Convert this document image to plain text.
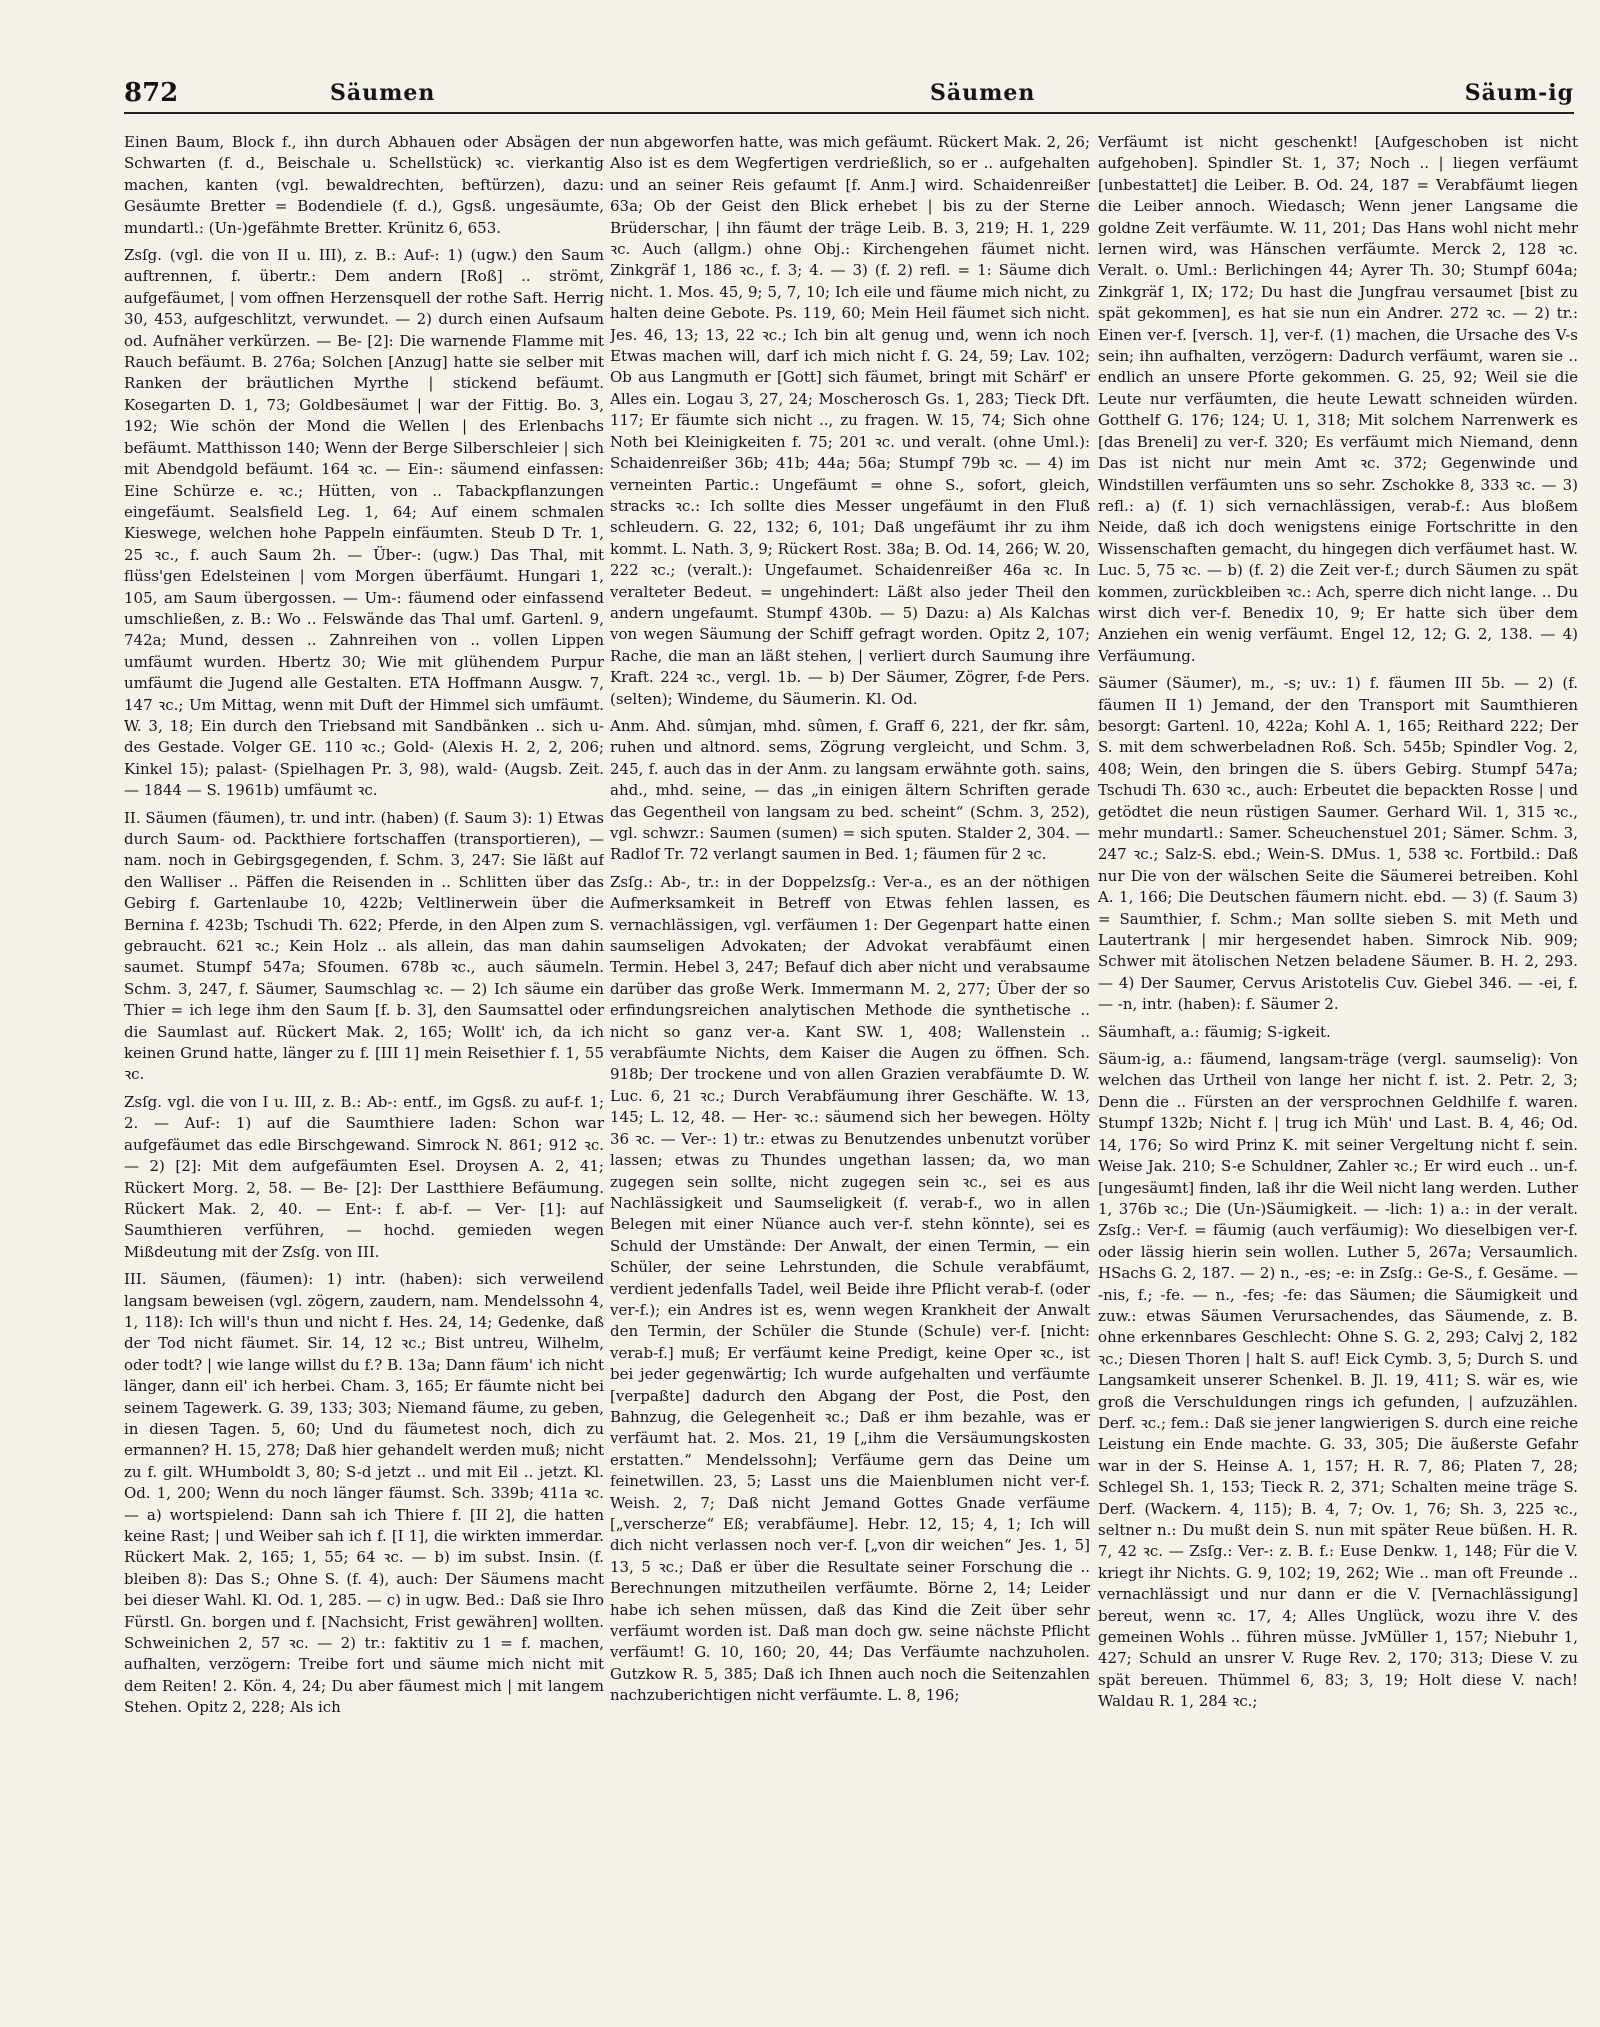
872	Säumen	Säumen	Säum-ig

Einen Baum, Block f., ihn durch Abhauen oder Absägen der Schwarten (f. d., Beischale u. Schellstück) ꝛc. vierkantig machen, kanten (vgl. bewaldrechten, beftürzen), dazu: Gesäumte Bretter = Bodendiele (f. d.), Ggsß. ungesäumte, mundartl.: (Un-)gefähmte Bretter. Krünitz 6, 653.

Zsſg. (vgl. die von II u. III), z. B.: Auf-: 1) (ugw.) den Saum auftrennen, f. übertr.: Dem andern [Roß] .. strömt, aufgefäumet, | vom offnen Herzensquell der rothe Saft. Herrig 30, 453, aufgeschlitzt, verwundet. — 2) durch einen Aufsaum od. Aufnäher verkürzen. — Be- [2]: Die warnende Flamme mit Rauch befäumt. B. 276a; Solchen [Anzug] hatte sie selber mit Ranken der bräutlichen Myrthe | stickend befäumt. Kosegarten D. 1, 73; Goldbesäumet | war der Fittig. Bo. 3, 192; Wie schön der Mond die Wellen | des Erlenbachs befäumt. Matthisson 140; Wenn der Berge Silberschleier | sich mit Abendgold befäumt. 164 ꝛc. — Ein-: säumend einfassen: Eine Schürze e. ꝛc.; Hütten, von .. Tabackpflanzungen eingefäumt. Sealsfield Leg. 1, 64; Auf einem schmalen Kieswege, welchen hohe Pappeln einfäumten. Steub D Tr. 1, 25 ꝛc., f. auch Saum 2h. — Über-: (ugw.) Das Thal, mit flüss'gen Edelsteinen | vom Morgen überfäumt. Hungari 1, 105, am Saum übergossen. — Um-: fäumend oder einfassend umschließen, z. B.: Wo .. Felswände das Thal umf. Gartenl. 9, 742a; Mund, dessen .. Zahnreihen von .. vollen Lippen umfäumt wurden. Hbertz 30; Wie mit glühendem Purpur umfäumt die Jugend alle Gestalten. ETA Hoffmann Ausgw. 7, 147 ꝛc.; Um Mittag, wenn mit Duft der Himmel sich umfäumt. W. 3, 18; Ein durch den Triebsand mit Sandbänken .. sich u-des Gestade. Volger GE. 110 ꝛc.; Gold- (Alexis H. 2, 2, 206; Kinkel 15); palast- (Spielhagen Pr. 3, 98), wald- (Augsb. Zeit. — 1844 — S. 1961b) umfäumt ꝛc.

II. Säumen (fäumen), tr. und intr. (haben) (f. Saum 3): 1) Etwas durch Saum- od. Packthiere fortschaffen (transportieren), — nam. noch in Gebirgsgegenden, f. Schm. 3, 247: Sie läßt auf den Walliser .. Päffen die Reisenden in .. Schlitten über das Gebirg f. Gartenlaube 10, 422b; Veltlinerwein über die Bernina f. 423b; Tschudi Th. 622; Pferde, in den Alpen zum S. gebraucht. 621 ꝛc.; Kein Holz .. als allein, das man dahin saumet. Stumpf 547a; Sfoumen. 678b ꝛc., auch säumeln. Schm. 3, 247, f. Säumer, Saumschlag ꝛc. — 2) Ich säume ein Thier = ich lege ihm den Saum [f. b. 3], den Saumsattel oder die Saumlast auf. Rückert Mak. 2, 165; Wollt' ich, da ich keinen Grund hatte, länger zu f. [III 1] mein Reisethier f. 1, 55 ꝛc.

Zsſg. vgl. die von I u. III, z. B.: Ab-: entf., im Ggsß. zu auf-f. 1; 2. — Auf-: 1) auf die Saumthiere laden: Schon war aufgefäumet das edle Birschgewand. Simrock N. 861; 912 ꝛc. — 2) [2]: Mit dem aufgefäumten Esel. Droysen A. 2, 41; Rückert Morg. 2, 58. — Be- [2]: Der Lastthiere Befäumung. Rückert Mak. 2, 40. — Ent-: f. ab-f. — Ver- [1]: auf Saumthieren verführen, — hochd. gemieden wegen Mißdeutung mit der Zsſg. von III.

III. Säumen, (fäumen): 1) intr. (haben): sich verweilend langsam beweisen (vgl. zögern, zaudern, nam. Mendelssohn 4, 1, 118): Ich will's thun und nicht f. Hes. 24, 14; Gedenke, daß der Tod nicht fäumet. Sir. 14, 12 ꝛc.; Bist untreu, Wilhelm, oder todt? | wie lange willst du f.? B. 13a; Dann fäum' ich nicht länger, dann eil' ich herbei. Cham. 3, 165; Er fäumte nicht bei seinem Tagewerk. G. 39, 133; 303; Niemand fäume, zu geben, in diesen Tagen. 5, 60; Und du fäumetest noch, dich zu ermannen? H. 15, 278; Daß hier gehandelt werden muß; nicht zu f. gilt. WHumboldt 3, 80; S-d jetzt .. und mit Eil .. jetzt. Kl. Od. 1, 200; Wenn du noch länger fäumst. Sch. 339b; 411a ꝛc. — a) wortspielend: Dann sah ich Thiere f. [II 2], die hatten keine Rast; | und Weiber sah ich f. [I 1], die wirkten immerdar. Rückert Mak. 2, 165; 1, 55; 64 ꝛc. — b) im subst. Insin. (f. bleiben 8): Das S.; Ohne S. (f. 4), auch: Der Säumens macht bei dieser Wahl. Kl. Od. 1, 285. — c) in ugw. Bed.: Daß sie Ihro Fürstl. Gn. borgen und f. [Nachsicht, Frist gewähren] wollten. Schweinichen 2, 57 ꝛc. — 2) tr.: faktitiv zu 1 = f. machen, aufhalten, verzögern: Treibe fort und säume mich nicht mit dem Reiten! 2. Kön. 4, 24; Du aber fäumest mich | mit langem Stehen. Opitz 2, 228; Als ich

nun abgeworfen hatte, was mich gefäumt. Rückert Mak. 2, 26; Also ist es dem Wegfertigen verdrießlich, so er .. aufgehalten und an seiner Reis gefaumt [f. Anm.] wird. Schaidenreißer 63a; Ob der Geist den Blick erhebet | bis zu der Sterne Brüderschar, | ihn fäumt der träge Leib. B. 3, 219; H. 1, 229 ꝛc. Auch (allgm.) ohne Obj.: Kirchengehen fäumet nicht. Zinkgräf 1, 186 ꝛc., f. 3; 4. — 3) (f. 2) refl. = 1: Säume dich nicht. 1. Mos. 45, 9; 5, 7, 10; Ich eile und fäume mich nicht, zu halten deine Gebote. Ps. 119, 60; Mein Heil fäumet sich nicht. Jes. 46, 13; 13, 22 ꝛc.; Ich bin alt genug und, wenn ich noch Etwas machen will, darf ich mich nicht f. G. 24, 59; Lav. 102; Ob aus Langmuth er [Gott] sich fäumet, bringt mit Schärf' er Alles ein. Logau 3, 27, 24; Moscherosch Gs. 1, 283; Tieck Dft. 117; Er fäumte sich nicht .., zu fragen. W. 15, 74; Sich ohne Noth bei Kleinigkeiten f. 75; 201 ꝛc. und veralt. (ohne Uml.): Schaidenreißer 36b; 41b; 44a; 56a; Stumpf 79b ꝛc. — 4) im verneinten Partic.: Ungefäumt = ohne S., sofort, gleich, stracks ꝛc.: Ich sollte dies Messer ungefäumt in den Fluß schleudern. G. 22, 132; 6, 101; Daß ungefäumt ihr zu ihm kommt. L. Nath. 3, 9; Rückert Rost. 38a; B. Od. 14, 266; W. 20, 222 ꝛc.; (veralt.): Ungefaumet. Schaidenreißer 46a ꝛc. In veralteter Bedeut. = ungehindert: Läßt also jeder Theil den andern ungefaumt. Stumpf 430b. — 5) Dazu: a) Als Kalchas von wegen Säumung der Schiff gefragt worden. Opitz 2, 107; Rache, die man an läßt stehen, | verliert durch Saumung ihre Kraft. 224 ꝛc., vergl. 1b. — b) Der Säumer, Zögrer, f-de Pers. (selten); Windeme, du Säumerin. Kl. Od.

Anm. Ahd. sûmjan, mhd. sûmen, f. Graff 6, 221, der fkr. sâm, ruhen und altnord. sems, Zögrung vergleicht, und Schm. 3, 245, f. auch das in der Anm. zu langsam erwähnte goth. sains, ahd., mhd. seine, — das „in einigen ältern Schriften gerade das Gegentheil von langsam zu bed. scheint“ (Schm. 3, 252), vgl. schwzr.: Saumen (sumen) = sich sputen. Stalder 2, 304. — Radlof Tr. 72 verlangt saumen in Bed. 1; fäumen für 2 ꝛc.

Zsſg.: Ab-, tr.: in der Doppelzsſg.: Ver-a., es an der nöthigen Aufmerksamkeit in Betreff von Etwas fehlen lassen, es vernachlässigen, vgl. verfäumen 1: Der Gegenpart hatte einen saumseligen Advokaten; der Advokat verabfäumt einen Termin. Hebel 3, 247; Befauf dich aber nicht und verabsaume darüber das große Werk. Immermann M. 2, 277; Über der so erfindungsreichen analytischen Methode die synthetische .. nicht so ganz ver-a. Kant SW. 1, 408; Wallenstein .. verabfäumte Nichts, dem Kaiser die Augen zu öffnen. Sch. 918b; Der trockene und von allen Grazien verabfäumte D. W. Luc. 6, 21 ꝛc.; Durch Verabfäumung ihrer Geschäfte. W. 13, 145; L. 12, 48. — Her- ꝛc.: säumend sich her bewegen. Hölty 36 ꝛc. — Ver-: 1) tr.: etwas zu Benutzendes unbenutzt vorüber lassen; etwas zu Thundes ungethan lassen; da, wo man zugegen sein sollte, nicht zugegen sein ꝛc., sei es aus Nachlässigkeit und Saumseligkeit (f. verab-f., wo in allen Belegen mit einer Nüance auch ver-f. stehn könnte), sei es Schuld der Umstände: Der Anwalt, der einen Termin, — ein Schüler, der seine Lehrstunden, die Schule verabfäumt, verdient jedenfalls Tadel, weil Beide ihre Pflicht verab-f. (oder ver-f.); ein Andres ist es, wenn wegen Krankheit der Anwalt den Termin, der Schüler die Stunde (Schule) ver-f. [nicht: verab-f.] muß; Er verfäumt keine Predigt, keine Oper ꝛc., ist bei jeder gegenwärtig; Ich wurde aufgehalten und verfäumte [verpaßte] dadurch den Abgang der Post, die Post, den Bahnzug, die Gelegenheit ꝛc.; Daß er ihm bezahle, was er verfäumt hat. 2. Mos. 21, 19 [„ihm die Versäumungskosten erstatten.“ Mendelssohn]; Verfäume gern das Deine um feinetwillen. 23, 5; Lasst uns die Maienblumen nicht ver-f. Weish. 2, 7; Daß nicht Jemand Gottes Gnade verfäume [„verscherze“ Eß; verabfäume]. Hebr. 12, 15; 4, 1; Ich will dich nicht verlassen noch ver-f. [„von dir weichen“ Jes. 1, 5] 13, 5 ꝛc.; Daß er über die Resultate seiner Forschung die .. Berechnungen mitzutheilen verfäumte. Börne 2, 14; Leider habe ich sehen müssen, daß das Kind die Zeit über sehr verfäumt worden ist. Daß man doch gw. seine nächste Pflicht verfäumt! G. 10, 160; 20, 44; Das Verfäumte nachzuholen. Gutzkow R. 5, 385; Daß ich Ihnen auch noch die Seitenzahlen nachzuberichtigen nicht verfäumte. L. 8, 196;

Verfäumt ist nicht geschenkt! [Aufgeschoben ist nicht aufgehoben]. Spindler St. 1, 37; Noch .. | liegen verfäumt [unbestattet] die Leiber. B. Od. 24, 187 = Verabfäumt liegen die Leiber annoch. Wiedasch; Wenn jener Langsame die goldne Zeit verfäumte. W. 11, 201; Das Hans wohl nicht mehr lernen wird, was Hänschen verfäumte. Merck 2, 128 ꝛc. Veralt. o. Uml.: Berlichingen 44; Ayrer Th. 30; Stumpf 604a; Zinkgräf 1, IX; 172; Du hast die Jungfrau versaumet [bist zu spät gekommen], es hat sie nun ein Andrer. 272 ꝛc. — 2) tr.: Einen ver-f. [versch. 1], ver-f. (1) machen, die Ursache des V-s sein; ihn aufhalten, verzögern: Dadurch verfäumt, waren sie .. endlich an unsere Pforte gekommen. G. 25, 92; Weil sie die Leute nur verfäumten, die heute Lewatt schneiden würden. Gotthelf G. 176; 124; U. 1, 318; Mit solchem Narrenwerk es [das Breneli] zu ver-f. 320; Es verfäumt mich Niemand, denn Das ist nicht nur mein Amt ꝛc. 372; Gegenwinde und Windstillen verfäumten uns so sehr. Zschokke 8, 333 ꝛc. — 3) refl.: a) (f. 1) sich vernachlässigen, verab-f.: Aus bloßem Neide, daß ich doch wenigstens einige Fortschritte in den Wissenschaften gemacht, du hingegen dich verfäumet hast. W. Luc. 5, 75 ꝛc. — b) (f. 2) die Zeit ver-f.; durch Säumen zu spät kommen, zurückbleiben ꝛc.: Ach, sperre dich nicht lange. .. Du wirst dich ver-f. Benedix 10, 9; Er hatte sich über dem Anziehen ein wenig verfäumt. Engel 12, 12; G. 2, 138. — 4) Verfäumung.

Säumer (Säumer), m., -s; uv.: 1) f. fäumen III 5b. — 2) (f. fäumen II 1) Jemand, der den Transport mit Saumthieren besorgt: Gartenl. 10, 422a; Kohl A. 1, 165; Reithard 222; Der S. mit dem schwerbeladnen Roß. Sch. 545b; Spindler Vog. 2, 408; Wein, den bringen die S. übers Gebirg. Stumpf 547a; Tschudi Th. 630 ꝛc., auch: Erbeutet die bepackten Rosse | und getödtet die neun rüstigen Saumer. Gerhard Wil. 1, 315 ꝛc., mehr mundartl.: Samer. Scheuchenstuel 201; Sämer. Schm. 3, 247 ꝛc.; Salz-S. ebd.; Wein-S. DMus. 1, 538 ꝛc. Fortbild.: Daß nur Die von der wälschen Seite die Säumerei betreiben. Kohl A. 1, 166; Die Deutschen fäumern nicht. ebd. — 3) (f. Saum 3) = Saumthier, f. Schm.; Man sollte sieben S. mit Meth und Lautertrank | mir hergesendet haben. Simrock Nib. 909; Schwer mit ätolischen Netzen beladene Säumer. B. H. 2, 293. — 4) Der Saumer, Cervus Aristotelis Cuv. Giebel 346. — -ei, f. — -n, intr. (haben): f. Säumer 2.

Säumhaft, a.: fäumig; S-igkeit.

Säum-ig, a.: fäumend, langsam-träge (vergl. saumselig): Von welchen das Urtheil von lange her nicht f. ist. 2. Petr. 2, 3; Denn die .. Fürsten an der versprochnen Geldhilfe f. waren. Stumpf 132b; Nicht f. | trug ich Müh' und Last. B. 4, 46; Od. 14, 176; So wird Prinz K. mit seiner Vergeltung nicht f. sein. Weise Jak. 210; S-e Schuldner, Zahler ꝛc.; Er wird euch .. un-f. [ungesäumt] finden, laß ihr die Weil nicht lang werden. Luther 1, 376b ꝛc.; Die (Un-)Säumigkeit. — -lich: 1) a.: in der veralt. Zsſg.: Ver-f. = fäumig (auch verfäumig): Wo dieselbigen ver-f. oder lässig hierin sein wollen. Luther 5, 267a; Versaumlich. HSachs G. 2, 187. — 2) n., -es; -e: in Zsſg.: Ge-S., f. Gesäme. — -nis, f.; -fe. — n., -fes; -fe: das Säumen; die Säumigkeit und zuw.: etwas Säumen Verursachendes, das Säumende, z. B. ohne erkennbares Geschlecht: Ohne S. G. 2, 293; Calvj 2, 182 ꝛc.; Diesen Thoren | halt S. auf! Eick Cymb. 3, 5; Durch S. und Langsamkeit unserer Schenkel. B. Jl. 19, 411; S. wär es, wie groß die Verschuldungen rings ich gefunden, | aufzuzählen. Derf. ꝛc.; fem.: Daß sie jener langwierigen S. durch eine reiche Leistung ein Ende machte. G. 33, 305; Die äußerste Gefahr war in der S. Heinse A. 1, 157; H. R. 7, 86; Platen 7, 28; Schlegel Sh. 1, 153; Tieck R. 2, 371; Schalten meine träge S. Derf. (Wackern. 4, 115); B. 4, 7; Ov. 1, 76; Sh. 3, 225 ꝛc., seltner n.: Du mußt dein S. nun mit später Reue büßen. H. R. 7, 42 ꝛc. — Zsſg.: Ver-: z. B. f.: Euse Denkw. 1, 148; Für die V. kriegt ihr Nichts. G. 9, 102; 19, 262; Wie .. man oft Freunde .. vernachlässigt und nur dann er die V. [Vernachlässigung] bereut, wenn ꝛc. 17, 4; Alles Unglück, wozu ihre V. des gemeinen Wohls .. führen müsse. JvMüller 1, 157; Niebuhr 1, 427; Schuld an unsrer V. Ruge Rev. 2, 170; 313; Diese V. zu spät bereuen. Thümmel 6, 83; 3, 19; Holt diese V. nach! Waldau R. 1, 284 ꝛc.;
